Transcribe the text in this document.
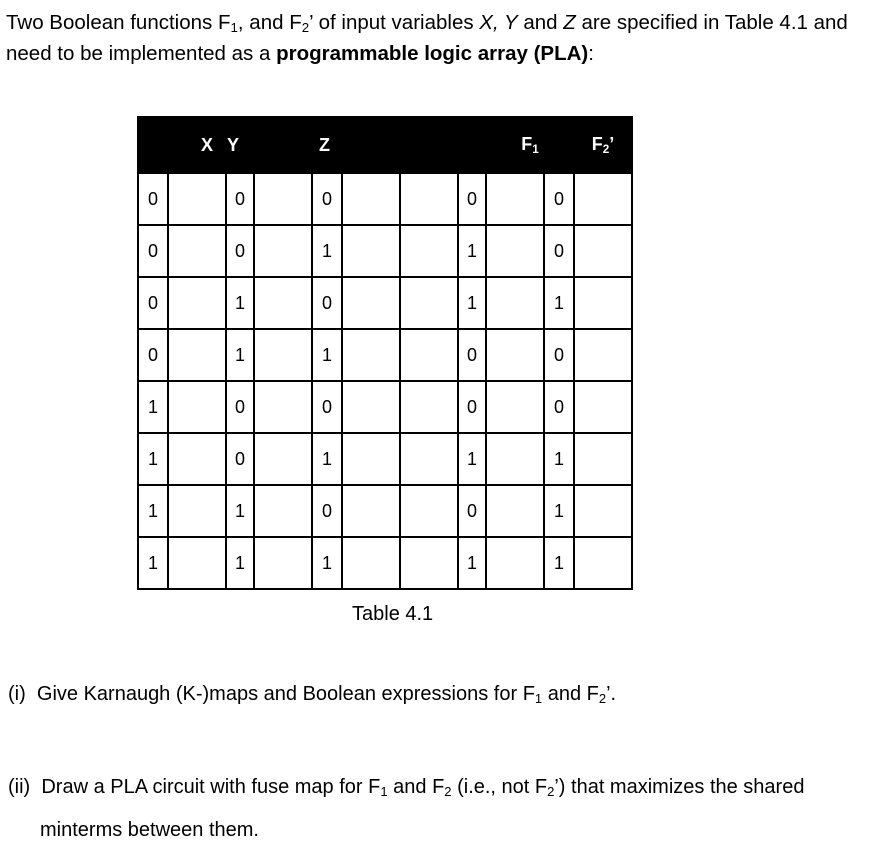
Two Boolean functions $F_1$, and $F_2$’ of input variables X, Y and Z are specified in Table 4.1 and need to be implemented as a programmable logic array (PLA):
X		Y		Z				$F_1$		$F_2$’
0		0		0			0		0	
0		0		1			1		0	
0		1		0			1		1	
0		1		1			0		0	
1		0		0			0		0	
1		0		1			1		1	
1		1		0			0		1	
1		1		1			1		1	
Table 4.1
(i) Give Karnaugh (K-)maps and Boolean expressions for $F_1$ and $F_2$’.
(ii) Draw a PLA circuit with fuse map for $F_1$ and $F_2$ (i.e., not $F_2$’) that maximizes the shared minterms between them.
